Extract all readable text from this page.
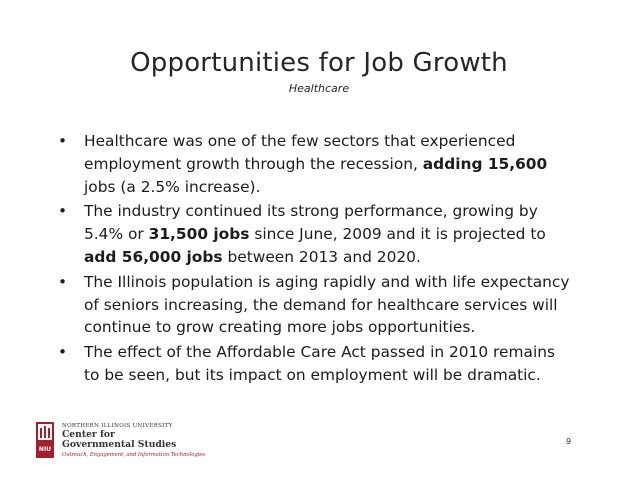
Opportunities for Job Growth
Healthcare
• Healthcare was one of the few sectors that experienced
employment growth through the recession, adding 15,600
jobs (a 2.5% increase).
• The industry continued its strong performance, growing by
5.4% or 31,500 jobs since June, 2009 and it is projected to
add 56,000 jobs between 2013 and 2020.
• The Illinois population is aging rapidly and with life expectancy
of seniors increasing, the demand for healthcare services will
continue to grow creating more jobs opportunities.
• The effect of the Affordable Care Act passed in 2010 remains
to be seen, but its impact on employment will be dramatic.
NIU
NORTHERN ILLINOIS UNIVERSITY
Center for
Governmental Studies
Outreach, Engagement, and Information Technologies
9
